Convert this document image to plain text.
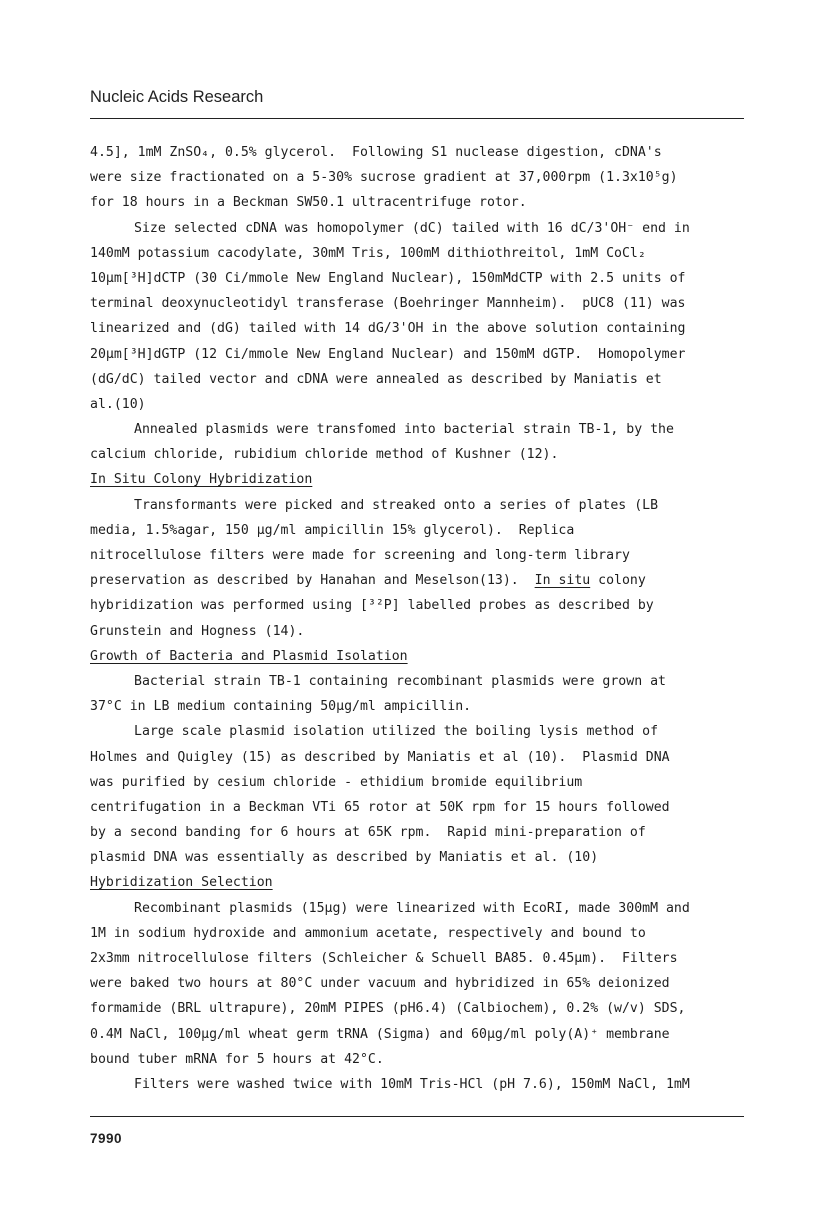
Nucleic Acids Research
4.5], 1mM ZnSO₄, 0.5% glycerol.  Following S1 nuclease digestion, cDNA's
were size fractionated on a 5-30% sucrose gradient at 37,000rpm (1.3x10⁵g)
for 18 hours in a Beckman SW50.1 ultracentrifuge rotor.
Size selected cDNA was homopolymer (dC) tailed with 16 dC/3'OH⁻ end in
140mM potassium cacodylate, 30mM Tris, 100mM dithiothreitol, 1mM CoCl₂
10µm[³H]dCTP (30 Ci/mmole New England Nuclear), 150mMdCTP with 2.5 units of
terminal deoxynucleotidyl transferase (Boehringer Mannheim).  pUC8 (11) was
linearized and (dG) tailed with 14 dG/3'OH in the above solution containing
20µm[³H]dGTP (12 Ci/mmole New England Nuclear) and 150mM dGTP.  Homopolymer
(dG/dC) tailed vector and cDNA were annealed as described by Maniatis et
al.(10)
Annealed plasmids were transfomed into bacterial strain TB-1, by the
calcium chloride, rubidium chloride method of Kushner (12).
In Situ Colony Hybridization
Transformants were picked and streaked onto a series of plates (LB
media, 1.5%agar, 150 µg/ml ampicillin 15% glycerol).  Replica
nitrocellulose filters were made for screening and long-term library
preservation as described by Hanahan and Meselson(13).  In situ colony
hybridization was performed using [³²P] labelled probes as described by
Grunstein and Hogness (14).
Growth of Bacteria and Plasmid Isolation
Bacterial strain TB-1 containing recombinant plasmids were grown at
37°C in LB medium containing 50µg/ml ampicillin.
Large scale plasmid isolation utilized the boiling lysis method of
Holmes and Quigley (15) as described by Maniatis et al (10).  Plasmid DNA
was purified by cesium chloride - ethidium bromide equilibrium
centrifugation in a Beckman VTi 65 rotor at 50K rpm for 15 hours followed
by a second banding for 6 hours at 65K rpm.  Rapid mini-preparation of
plasmid DNA was essentially as described by Maniatis et al. (10)
Hybridization Selection
Recombinant plasmids (15µg) were linearized with EcoRI, made 300mM and
1M in sodium hydroxide and ammonium acetate, respectively and bound to
2x3mm nitrocellulose filters (Schleicher & Schuell BA85. 0.45µm).  Filters
were baked two hours at 80°C under vacuum and hybridized in 65% deionized
formamide (BRL ultrapure), 20mM PIPES (pH6.4) (Calbiochem), 0.2% (w/v) SDS,
0.4M NaCl, 100µg/ml wheat germ tRNA (Sigma) and 60µg/ml poly(A)⁺ membrane
bound tuber mRNA for 5 hours at 42°C.
Filters were washed twice with 10mM Tris-HCl (pH 7.6), 150mM NaCl, 1mM
7990
